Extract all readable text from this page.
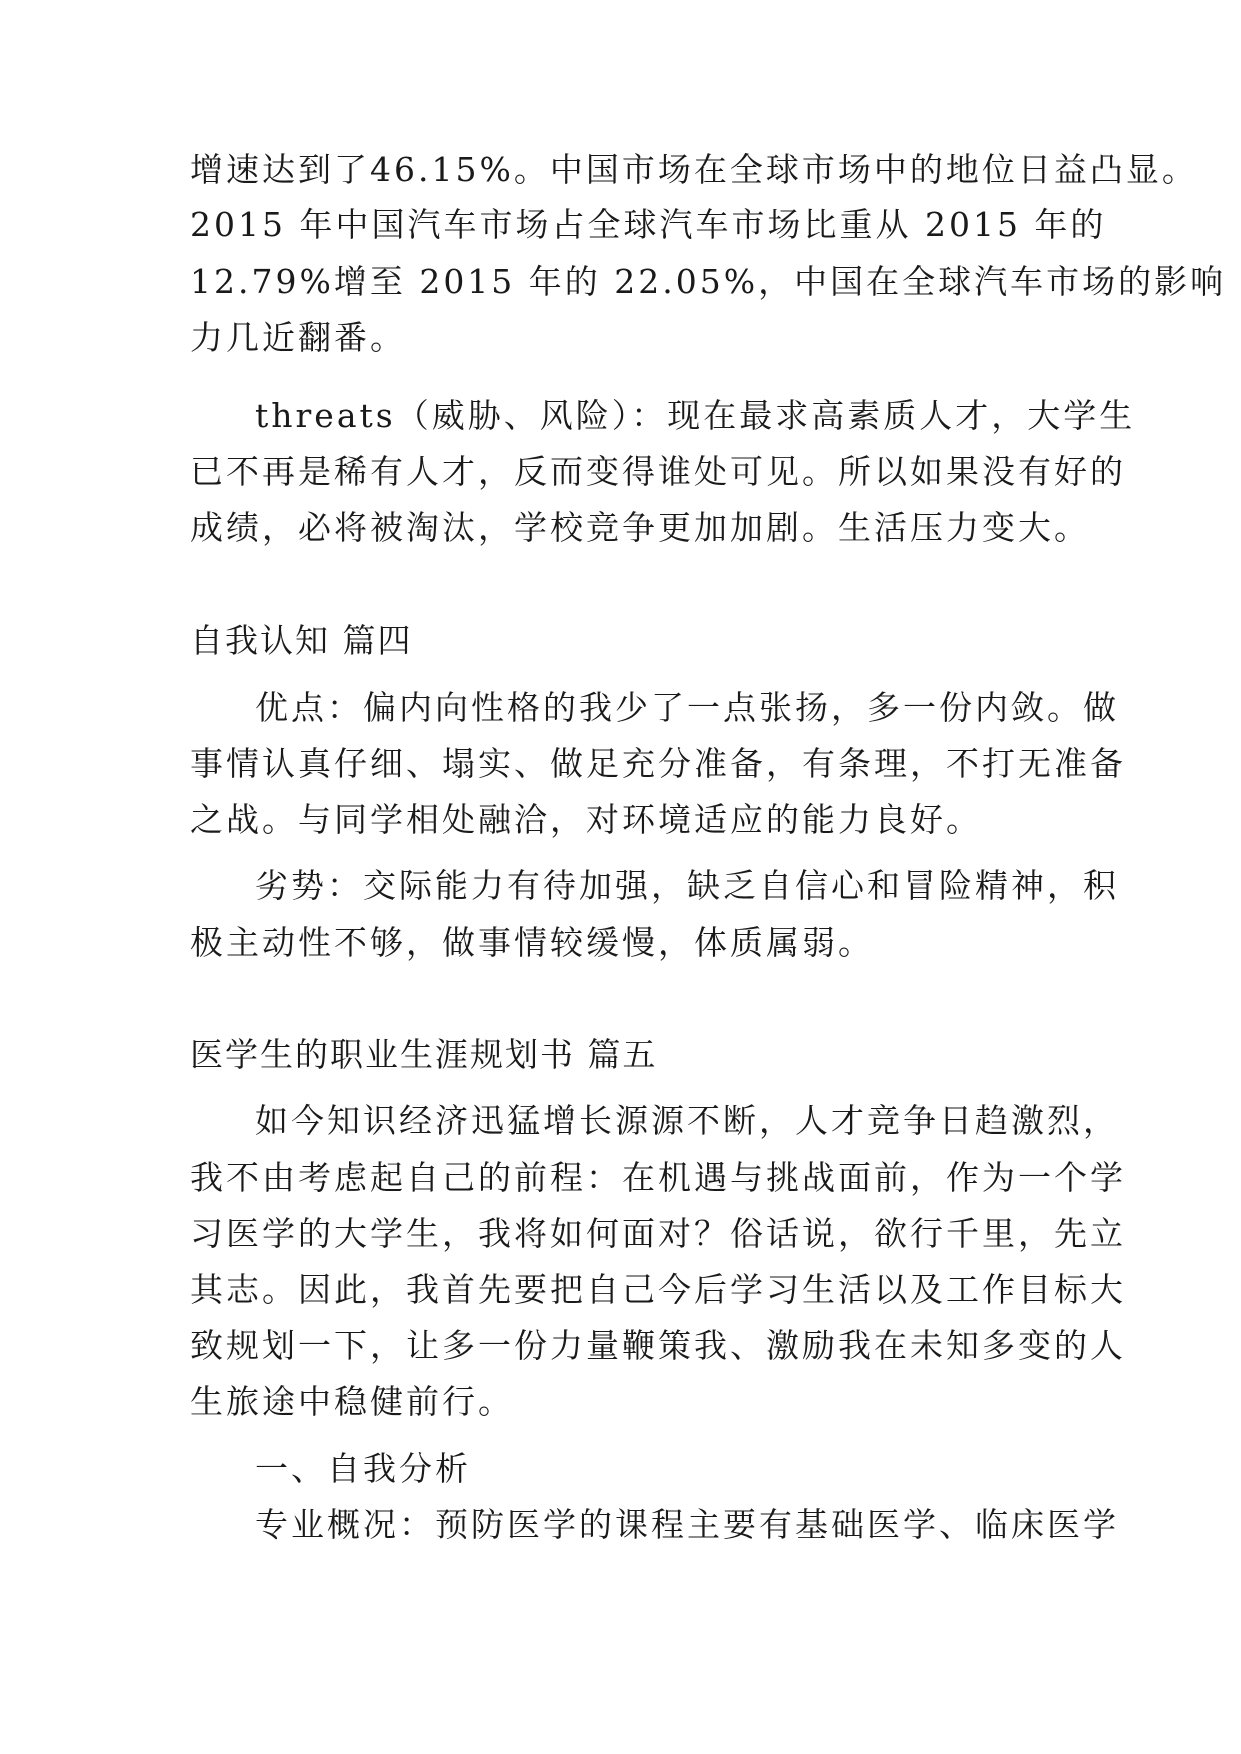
增速达到了46.15%。中国市场在全球市场中的地位日益凸显。
2015 年中国汽车市场占全球汽车市场比重从 2015 年的
12.79%增至 2015 年的 22.05%，中国在全球汽车市场的影响
力几近翻番。
threats（威胁、风险）：现在最求高素质人才，大学生
已不再是稀有人才，反而变得谁处可见。所以如果没有好的
成绩，必将被淘汰，学校竞争更加加剧。生活压力变大。
自我认知 篇四
优点：偏内向性格的我少了一点张扬，多一份内敛。做
事情认真仔细、塌实、做足充分准备，有条理，不打无准备
之战。与同学相处融洽，对环境适应的能力良好。
劣势：交际能力有待加强，缺乏自信心和冒险精神，积
极主动性不够，做事情较缓慢，体质属弱。
医学生的职业生涯规划书 篇五
如今知识经济迅猛增长源源不断，人才竞争日趋激烈，
我不由考虑起自己的前程：在机遇与挑战面前，作为一个学
习医学的大学生，我将如何面对？俗话说，欲行千里，先立
其志。因此，我首先要把自己今后学习生活以及工作目标大
致规划一下，让多一份力量鞭策我、激励我在未知多变的人
生旅途中稳健前行。
一、自我分析
专业概况：预防医学的课程主要有基础医学、临床医学
